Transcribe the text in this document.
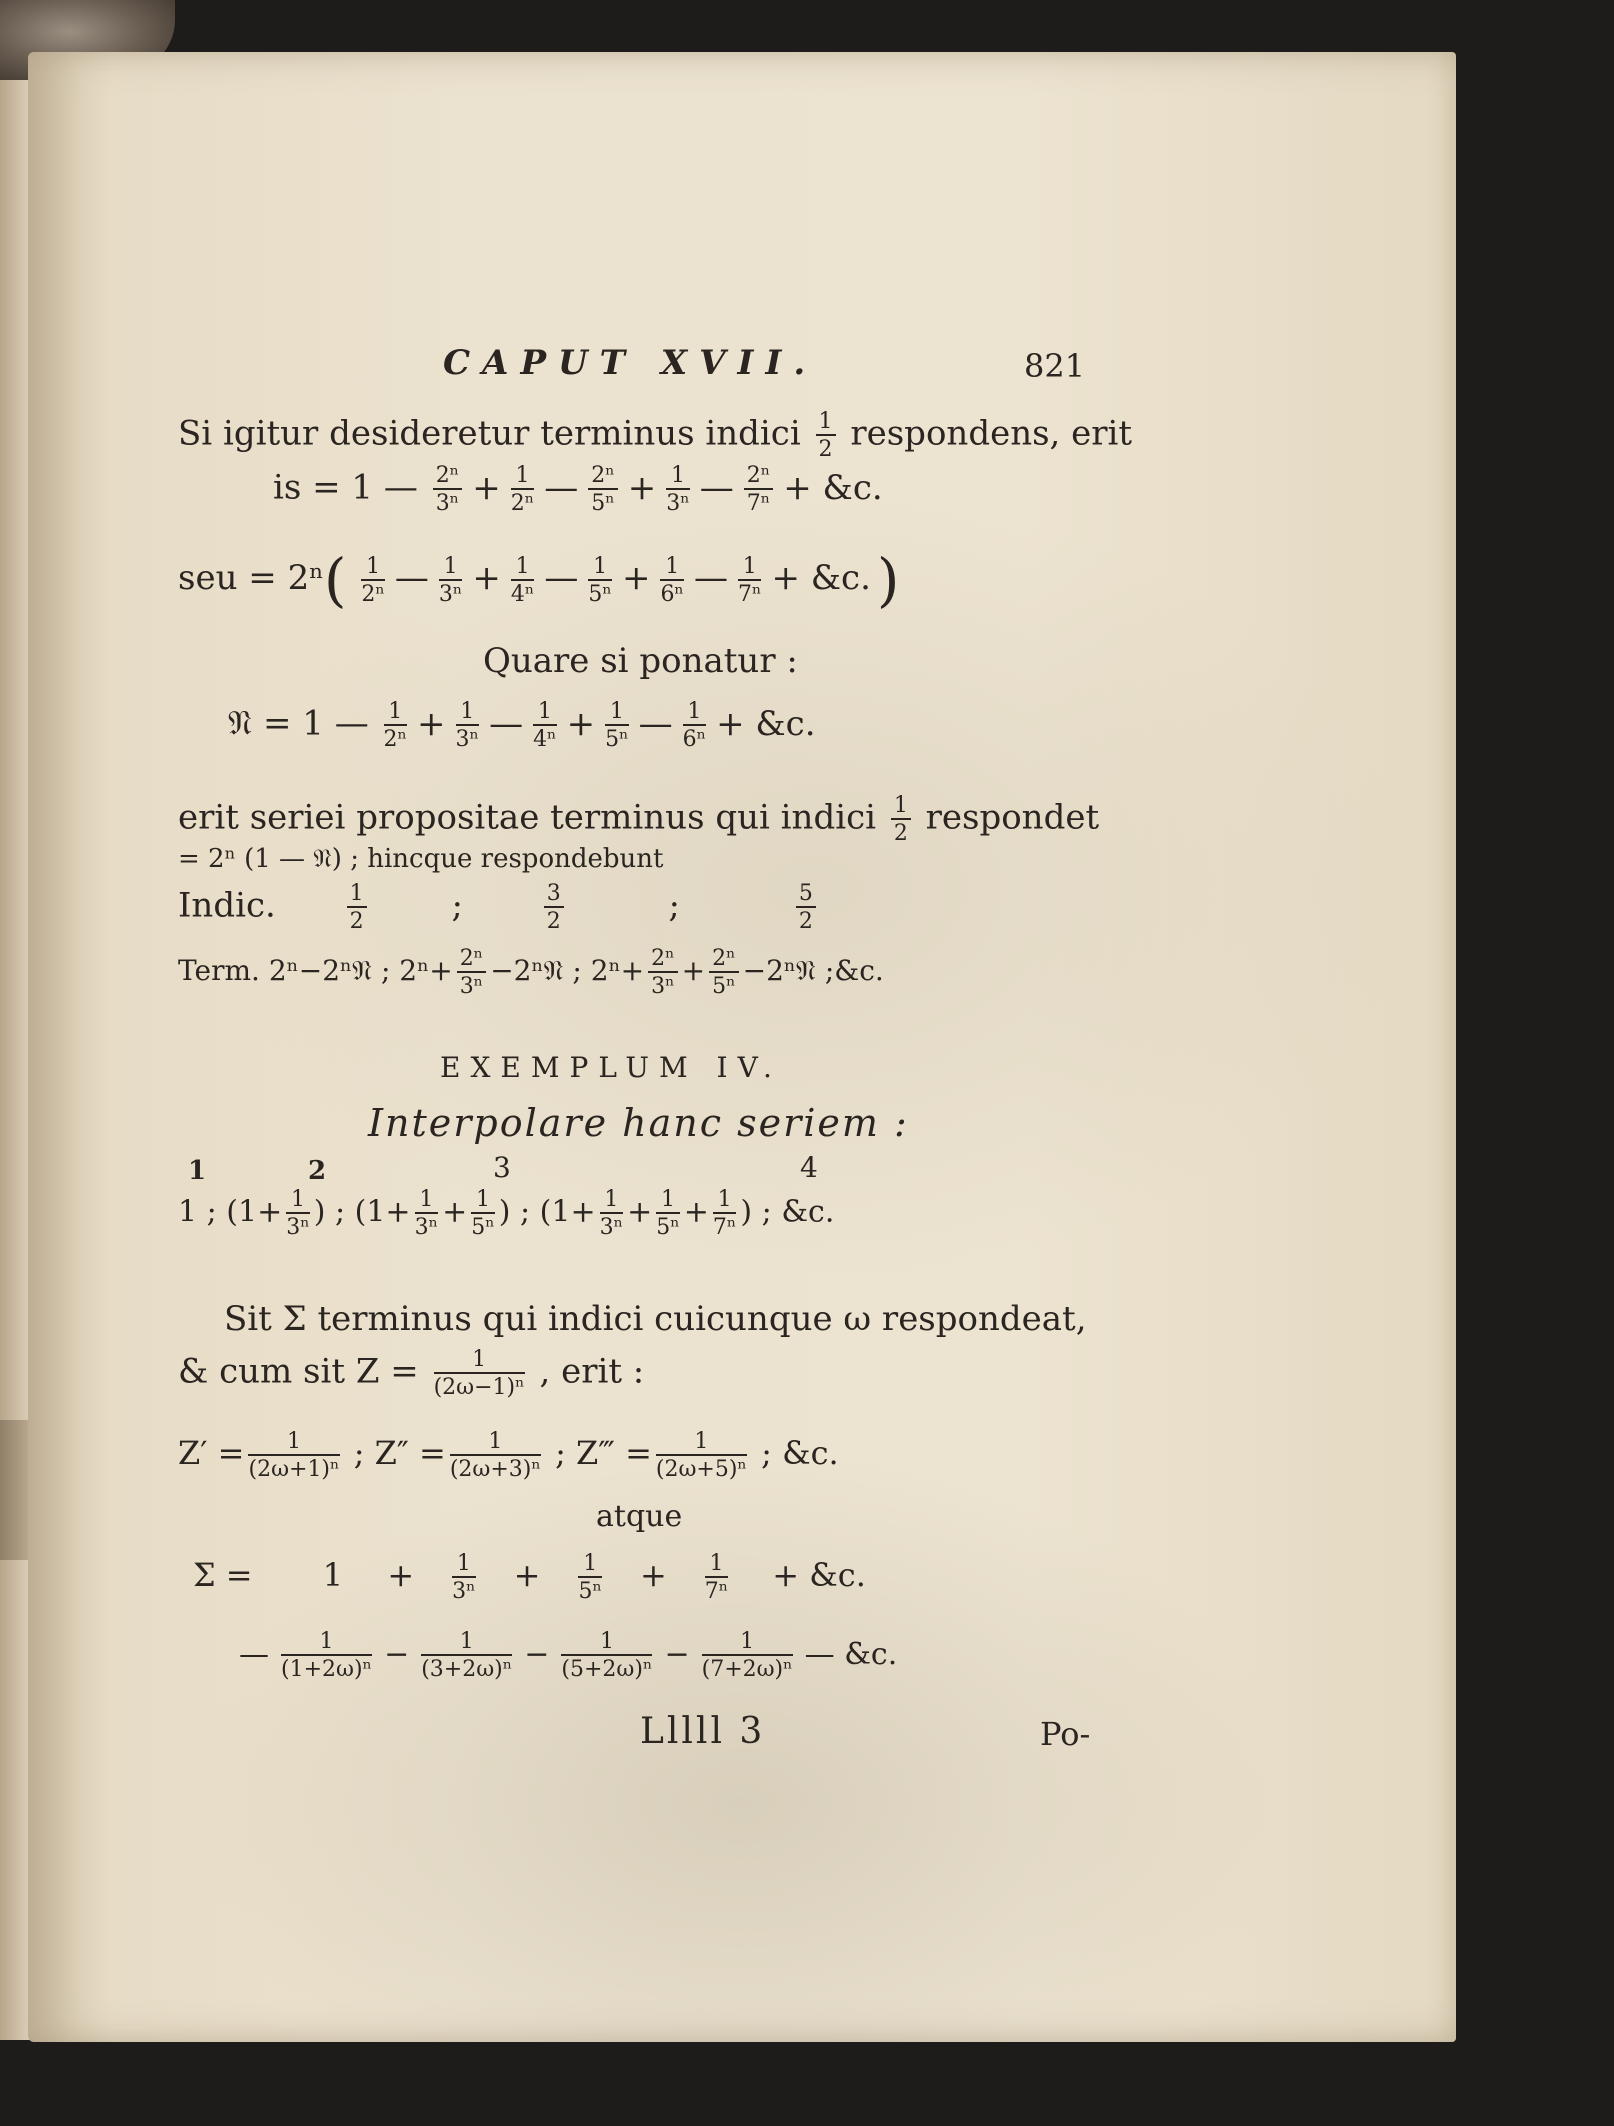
CAPUT XVII.	821
Si igitur desideretur terminus indici $\frac{1}{2}$ respondens, erit
is = 1 — $\frac{\text{2ⁿ}}{\text{3ⁿ}} + \frac{1}{\text{2ⁿ}}$ — $\frac{\text{2ⁿ}}{\text{5ⁿ}} + \frac{1}{\text{3ⁿ}}$ — $\frac{\text{2ⁿ}}{\text{7ⁿ}}$ + &c.
seu = $2^n( \frac{1}{\text{2ⁿ}}$ — $\frac{1}{\text{3ⁿ}} + \frac{1}{\text{4ⁿ}}$ — $\frac{1}{\text{5ⁿ}} + \frac{1}{\text{6ⁿ}}$ — $\frac{1}{\text{7ⁿ}}$ + &c. )
Quare si ponatur :
𝔑 = 1 — $\frac{1}{\text{2ⁿ}} + \frac{1}{\text{3ⁿ}}$ — $\frac{1}{\text{4ⁿ}} + \frac{1}{\text{5ⁿ}}$ — $\frac{1}{\text{6ⁿ}}$ + &c.
erit seriei propositae terminus qui indici $\frac{1}{2}$ respondet
= 2ⁿ (1 — 𝔑) ; hincque respondebunt
Indic.	$\frac{1}{2}$ ;	$\frac{3}{2}$	;	$\frac{5}{2}$
Term. 2ⁿ−2ⁿ𝔑 ; $2^n+ \frac{\text{2ⁿ}}{\text{3ⁿ}}$ −2ⁿ𝔑 ; $2^n+ \frac{\text{2ⁿ}}{\text{3ⁿ}} + \frac{\text{2ⁿ}}{\text{5ⁿ}}$ −2ⁿ𝔑 ;&c.
EXEMPLUM IV.
Interpolare hanc seriem :
1	2	3	4
1 ; ($1+ \frac{1}{\text{3ⁿ}}$ ) ; ($1+ \frac{1}{\text{3ⁿ}} + \frac{1}{\text{5ⁿ}}$ ) ; ($1+ \frac{1}{\text{3ⁿ}} + \frac{1}{\text{5ⁿ}} + \frac{1}{\text{7ⁿ}}$ ) ; &c.
Sit Σ terminus qui indici cuicunque ω respondeat,
& cum sit $Z = \frac{1}{\text{(2ω−1)ⁿ}}$ , erit :
$Z' = \frac{1}{\text{(2ω+1)ⁿ}}$ ; $Z'' = \frac{1}{\text{(2ω+3)ⁿ}}$ ; Z‴ = $\frac{1}{\text{(2ω+5)ⁿ}}$ ; &c.
atque
$\Sigma = 1 + \frac{1}{\text{3ⁿ}} + \frac{1}{\text{5ⁿ}} + \frac{1}{\text{7ⁿ}}$ + &c.
— $\frac{1}{\text{(1+2ω)ⁿ}} - \frac{1}{\text{(3+2ω)ⁿ}} - \frac{1}{\text{(5+2ω)ⁿ}} - \frac{1}{\text{(7+2ω)ⁿ}}$ — &c.
Lllll 3	Po-
